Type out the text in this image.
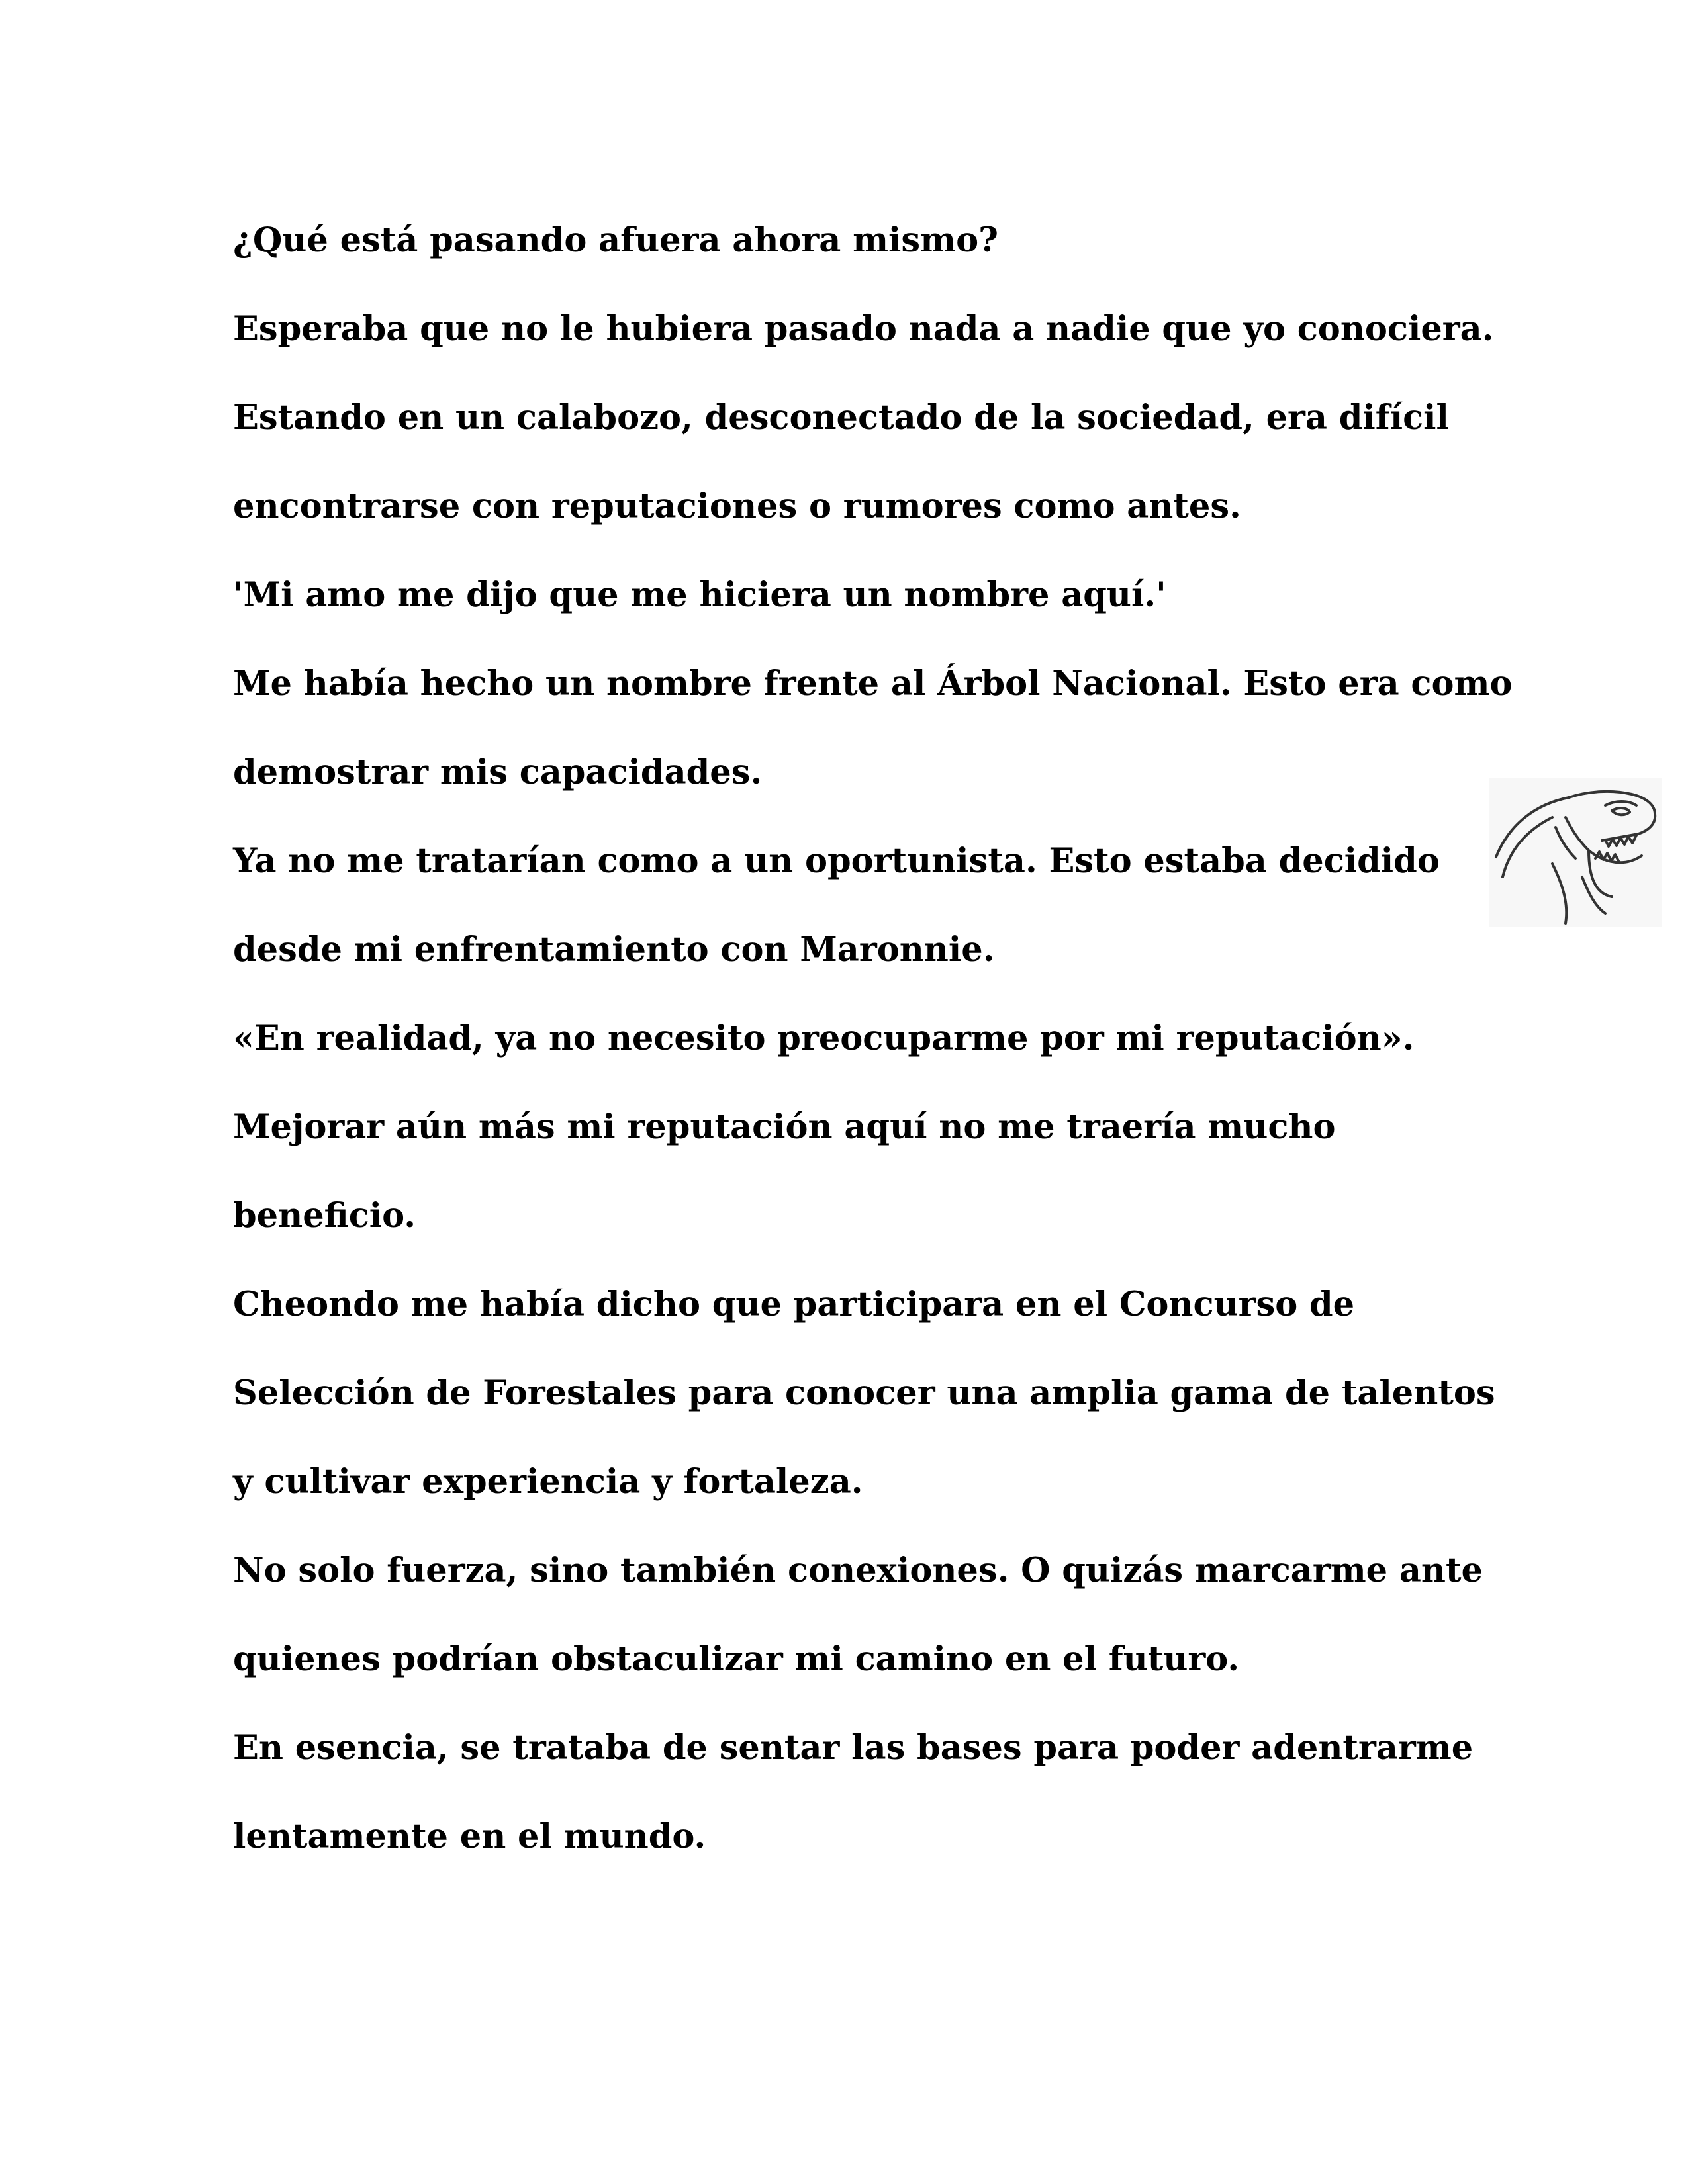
¿Qué está pasando afuera ahora mismo?

Esperaba que no le hubiera pasado nada a nadie que yo conociera.

Estando en un calabozo, desconectado de la sociedad, era difícil encontrarse con reputaciones o rumores como antes.

'Mi amo me dijo que me hiciera un nombre aquí.'

Me había hecho un nombre frente al Árbol Nacional. Esto era como demostrar mis capacidades.

Ya no me tratarían como a un oportunista. Esto estaba decidido desde mi enfrentamiento con Maronnie.

«En realidad, ya no necesito preocuparme por mi reputación».

Mejorar aún más mi reputación aquí no me traería mucho beneficio.

Cheondo me había dicho que participara en el Concurso de Selección de Forestales para conocer una amplia gama de talentos y cultivar experiencia y fortaleza.

No solo fuerza, sino también conexiones. O quizás marcarme ante quienes podrían obstaculizar mi camino en el futuro.

En esencia, se trataba de sentar las bases para poder adentrarme lentamente en el mundo.
